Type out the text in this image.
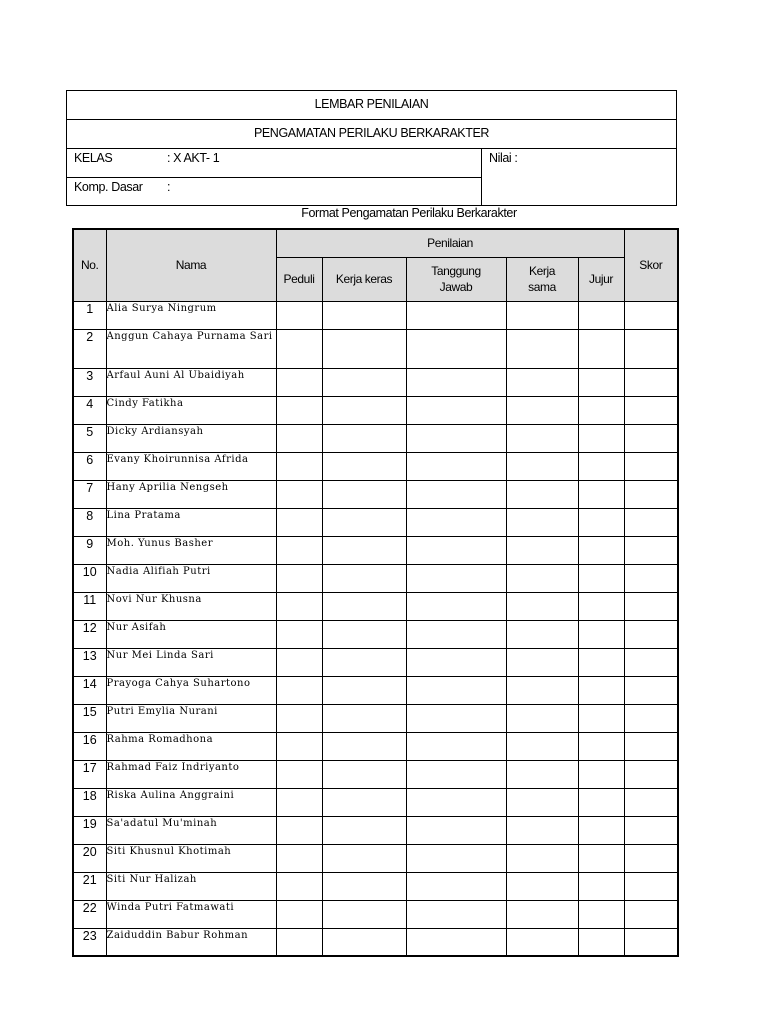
LEMBAR PENILAIAN
PENGAMATAN PERILAKU BERKARAKTER
KELAS	: X AKT- 1
Komp. Dasar :
Nilai :
Format Pengamatan Perilaku Berkarakter
No.	Nama	Penilaian					Skor
		Peduli	Kerja keras	Tanggung Jawab	Kerja sama	Jujur	
1	Alia Surya Ningrum						
2	Anggun Cahaya Purnama Sari						
3	Arfaul Auni Al Ubaidiyah						
4	Cindy Fatikha						
5	Dicky Ardiansyah						
6	Evany Khoirunnisa Afrida						
7	Hany Aprilia Nengseh						
8	Lina Pratama						
9	Moh. Yunus Basher						
10	Nadia Alifiah Putri						
11	Novi Nur Khusna						
12	Nur Asifah						
13	Nur Mei Linda Sari						
14	Prayoga Cahya Suhartono						
15	Putri Emylia Nurani						
16	Rahma Romadhona						
17	Rahmad Faiz Indriyanto						
18	Riska Aulina Anggraini						
19	Sa'adatul Mu'minah						
20	Siti Khusnul Khotimah						
21	Siti Nur Halizah						
22	Winda Putri Fatmawati						
23	Zaiduddin Babur Rohman						
